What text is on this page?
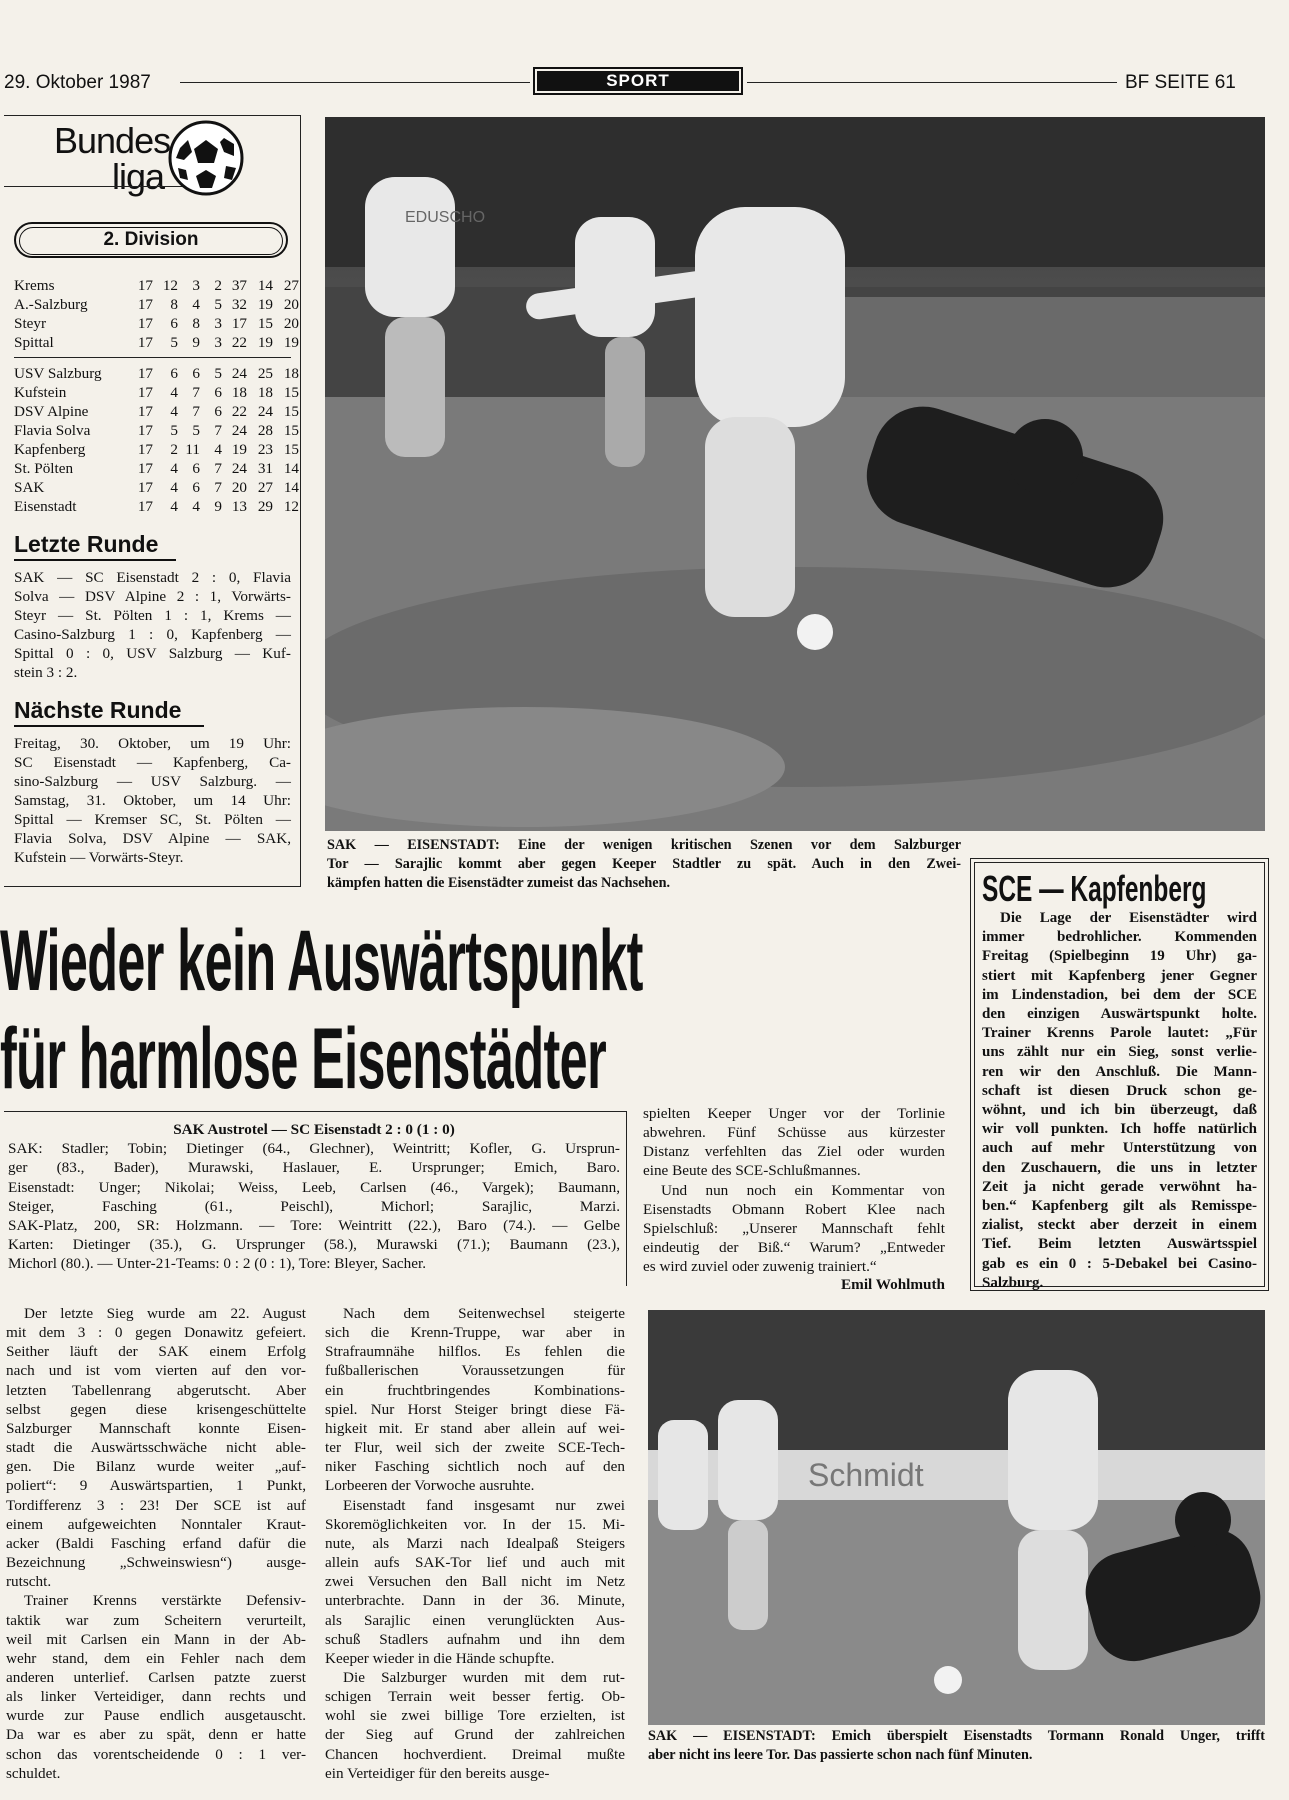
29. Oktober 1987	SPORT	BF SEITE 61
Bundes
liga
2. Division
Krems	17	12	3	2	37	14	27
A.-Salzburg	17	8	4	5	32	19	20
Steyr	17	6	8	3	17	15	20
Spittal	17	5	9	3	22	19	19
USV Salzburg	17	6	6	5	24	25	18
Kufstein	17	4	7	6	18	18	15
DSV Alpine	17	4	7	6	22	24	15
Flavia Solva	17	5	5	7	24	28	15
Kapfenberg	17	2	11	4	19	23	15
St. Pölten	17	4	6	7	24	31	14
SAK	17	4	6	7	20	27	14
Eisenstadt	17	4	4	9	13	29	12
Letzte Runde
SAK — SC Eisenstadt 2 : 0, Flavia
Solva — DSV Alpine 2 : 1, Vorwärts-
Steyr — St. Pölten 1 : 1, Krems —
Casino-Salzburg 1 : 0, Kapfenberg —
Spittal 0 : 0, USV Salzburg — Kuf-
stein 3 : 2.
Nächste Runde
Freitag, 30. Oktober, um 19 Uhr:
SC Eisenstadt — Kapfenberg, Ca-
sino-Salzburg — USV Salzburg. —
Samstag, 31. Oktober, um 14 Uhr:
Spittal — Kremser SC, St. Pölten —
Flavia Solva, DSV Alpine — SAK,
Kufstein — Vorwärts-Steyr.
EDUSCHO
SAK — EISENSTADT: Eine der wenigen kritischen Szenen vor dem Salzburger
Tor — Sarajlic kommt aber gegen Keeper Stadtler zu spät. Auch in den Zwei-
kämpfen hatten die Eisenstädter zumeist das Nachsehen.	SCE — Kapfenberg
Die Lage der Eisenstädter wird
immer bedrohlicher. Kommenden
Freitag (Spielbeginn 19 Uhr) ga-
stiert mit Kapfenberg jener Gegner
im Lindenstadion, bei dem der SCE
den einzigen Auswärtspunkt holte.
Trainer Krenns Parole lautet: „Für
uns zählt nur ein Sieg, sonst verlie-
ren wir den Anschluß. Die Mann-
schaft ist diesen Druck schon ge-
wöhnt, und ich bin überzeugt, daß
wir voll punkten. Ich hoffe natürlich
auch auf mehr Unterstützung von
den Zuschauern, die uns in letzter
Zeit ja nicht gerade verwöhnt ha-
ben.“ Kapfenberg gilt als Remisspe-
zialist, steckt aber derzeit in einem
Tief. Beim letzten Auswärtsspiel
gab es ein 0 : 5-Debakel bei Casino-
Salzburg.
Wieder kein Auswärtspunkt
für harmlose Eisenstädter
SAK Austrotel — SC Eisenstadt 2 : 0 (1 : 0)
SAK: Stadler; Tobin; Dietinger (64., Glechner), Weintritt; Kofler, G. Ursprun-
ger (83., Bader), Murawski, Haslauer, E. Ursprunger; Emich, Baro.
Eisenstadt: Unger; Nikolai; Weiss, Leeb, Carlsen (46., Vargek); Baumann,
Steiger, Fasching (61., Peischl), Michorl; Sarajlic, Marzi.
SAK-Platz, 200, SR: Holzmann. — Tore: Weintritt (22.), Baro (74.). — Gelbe
Karten: Dietinger (35.), G. Ursprunger (58.), Murawski (71.); Baumann (23.),
Michorl (80.). — Unter-21-Teams: 0 : 2 (0 : 1), Tore: Bleyer, Sacher.
spielten Keeper Unger vor der Torlinie
abwehren. Fünf Schüsse aus kürzester
Distanz verfehlten das Ziel oder wurden
eine Beute des SCE-Schlußmannes.
Und nun noch ein Kommentar von
Eisenstadts Obmann Robert Klee nach
Spielschluß: „Unserer Mannschaft fehlt
eindeutig der Biß.“ Warum? „Entweder
es wird zuviel oder zuwenig trainiert.“
Emil Wohlmuth
Der letzte Sieg wurde am 22. August
mit dem 3 : 0 gegen Donawitz gefeiert.
Seither läuft der SAK einem Erfolg
nach und ist vom vierten auf den vor-
letzten Tabellenrang abgerutscht. Aber
selbst gegen diese krisengeschüttelte
Salzburger Mannschaft konnte Eisen-
stadt die Auswärtsschwäche nicht able-
gen. Die Bilanz wurde weiter „auf-
poliert“: 9 Auswärtspartien, 1 Punkt,
Tordifferenz 3 : 23! Der SCE ist auf
einem aufgeweichten Nonntaler Kraut-
acker (Baldi Fasching erfand dafür die
Bezeichnung „Schweinswiesn“) ausge-
rutscht.
Trainer Krenns verstärkte Defensiv-
taktik war zum Scheitern verurteilt,
weil mit Carlsen ein Mann in der Ab-
wehr stand, dem ein Fehler nach dem
anderen unterlief. Carlsen patzte zuerst
als linker Verteidiger, dann rechts und
wurde zur Pause endlich ausgetauscht.
Da war es aber zu spät, denn er hatte
schon das vorentscheidende 0 : 1 ver-
schuldet.
Nach dem Seitenwechsel steigerte
sich die Krenn-Truppe, war aber in
Strafraumnähe hilflos. Es fehlen die
fußballerischen Voraussetzungen für
ein fruchtbringendes Kombinations-
spiel. Nur Horst Steiger bringt diese Fä-
higkeit mit. Er stand aber allein auf wei-
ter Flur, weil sich der zweite SCE-Tech-
niker Fasching sichtlich noch auf den
Lorbeeren der Vorwoche ausruhte.
Eisenstadt fand insgesamt nur zwei
Skoremöglichkeiten vor. In der 15. Mi-
nute, als Marzi nach Idealpaß Steigers
allein aufs SAK-Tor lief und auch mit
zwei Versuchen den Ball nicht im Netz
unterbrachte. Dann in der 36. Minute,
als Sarajlic einen verunglückten Aus-
schuß Stadlers aufnahm und ihn dem
Keeper wieder in die Hände schupfte.
Die Salzburger wurden mit dem rut-
schigen Terrain weit besser fertig. Ob-
wohl sie zwei billige Tore erzielten, ist
der Sieg auf Grund der zahlreichen
Chancen hochverdient. Dreimal mußte
ein Verteidiger für den bereits ausge-
Schmidt
SAK — EISENSTADT: Emich überspielt Eisenstadts Tormann Ronald Unger, trifft
aber nicht ins leere Tor. Das passierte schon nach fünf Minuten.
